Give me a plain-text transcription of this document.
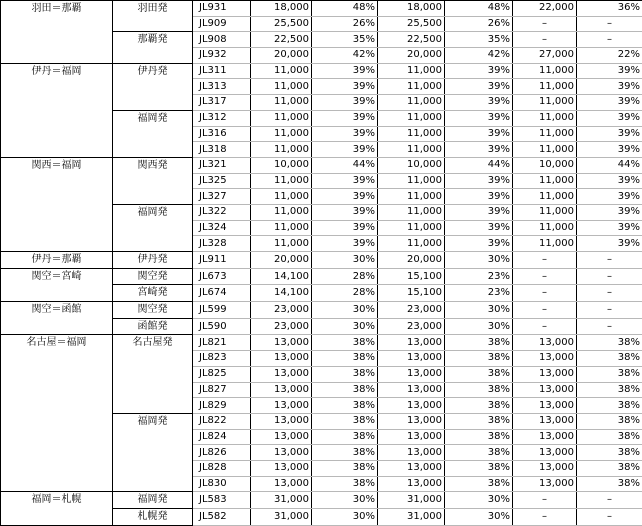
羽田＝那覇	羽田発	JL931	18,000	48%	18,000	48%	22,000	36%
		JL909	25,500	26%	25,500	26%	–	–
	那覇発	JL908	22,500	35%	22,500	35%	–	–
		JL932	20,000	42%	20,000	42%	27,000	22%
伊丹＝福岡	伊丹発	JL311	11,000	39%	11,000	39%	11,000	39%
		JL313	11,000	39%	11,000	39%	11,000	39%
		JL317	11,000	39%	11,000	39%	11,000	39%
	福岡発	JL312	11,000	39%	11,000	39%	11,000	39%
		JL316	11,000	39%	11,000	39%	11,000	39%
		JL318	11,000	39%	11,000	39%	11,000	39%
関西＝福岡	関西発	JL321	10,000	44%	10,000	44%	10,000	44%
		JL325	11,000	39%	11,000	39%	11,000	39%
		JL327	11,000	39%	11,000	39%	11,000	39%
	福岡発	JL322	11,000	39%	11,000	39%	11,000	39%
		JL324	11,000	39%	11,000	39%	11,000	39%
		JL328	11,000	39%	11,000	39%	11,000	39%
伊丹＝那覇	伊丹発	JL911	20,000	30%	20,000	30%	–	–
関空＝宮崎	関空発	JL673	14,100	28%	15,100	23%	–	–
	宮崎発	JL674	14,100	28%	15,100	23%	–	–
関空＝函館	関空発	JL599	23,000	30%	23,000	30%	–	–
	函館発	JL590	23,000	30%	23,000	30%	–	–
名古屋＝福岡	名古屋発	JL821	13,000	38%	13,000	38%	13,000	38%
		JL823	13,000	38%	13,000	38%	13,000	38%
		JL825	13,000	38%	13,000	38%	13,000	38%
		JL827	13,000	38%	13,000	38%	13,000	38%
		JL829	13,000	38%	13,000	38%	13,000	38%
	福岡発	JL822	13,000	38%	13,000	38%	13,000	38%
		JL824	13,000	38%	13,000	38%	13,000	38%
		JL826	13,000	38%	13,000	38%	13,000	38%
		JL828	13,000	38%	13,000	38%	13,000	38%
		JL830	13,000	38%	13,000	38%	13,000	38%
福岡＝札幌	福岡発	JL583	31,000	30%	31,000	30%	–	–
	札幌発	JL582	31,000	30%	31,000	30%	–	–
